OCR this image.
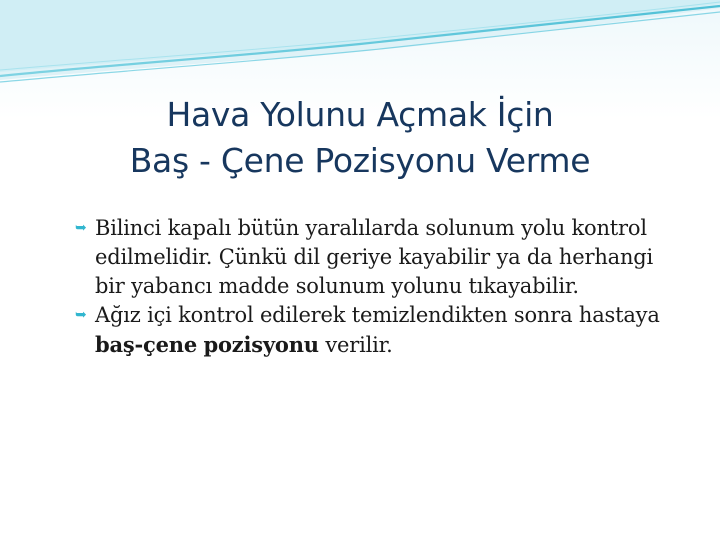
Hava Yolunu Açmak İçin
Baş - Çene Pozisyonu Verme

➥ Bilinci kapalı bütün yaralılarda solunum yolu kontrol edilmelidir. Çünkü dil geriye kayabilir ya da herhangi bir yabancı madde solunum yolunu tıkayabilir.

➥ Ağız içi kontrol edilerek temizlendikten sonra hastaya baş-çene pozisyonu verilir.
